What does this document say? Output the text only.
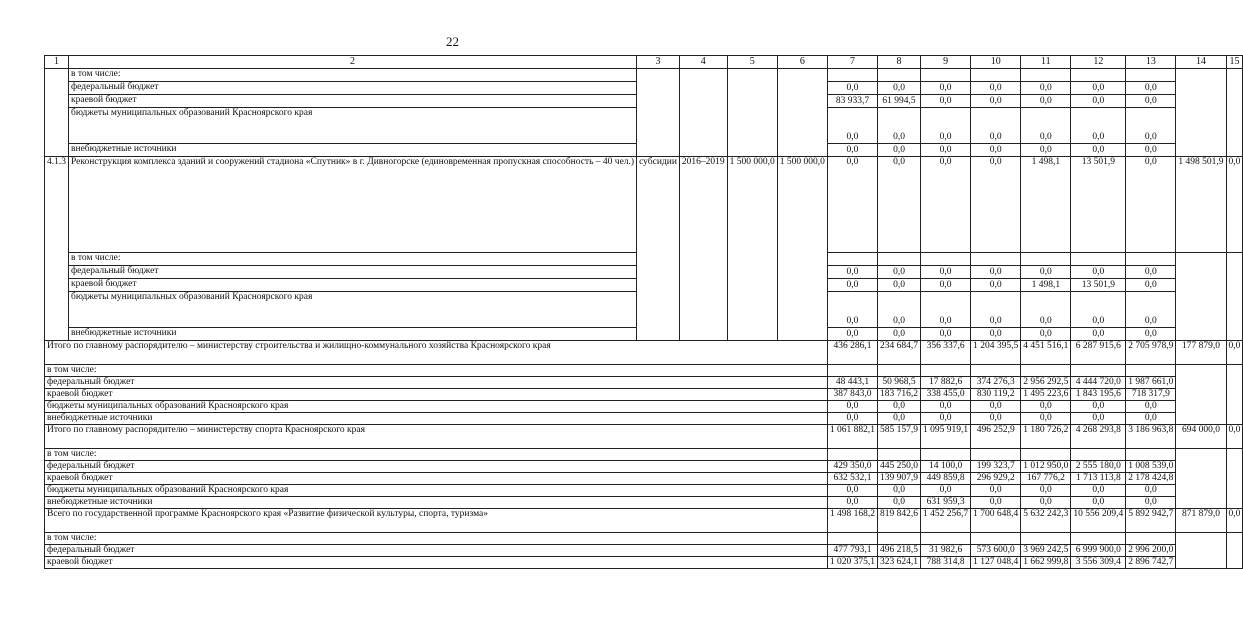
22
1	2	3	4	5	6	7	8	9	10	11	12	13	14	15
	в том числе:													
	федеральный бюджет					0,0	0,0	0,0	0,0	0,0	0,0	0,0		
	краевой бюджет					83 933,7	61 994,5	0,0	0,0	0,0	0,0	0,0		
	бюджеты муниципальных образований Красноярского края					0,0	0,0	0,0	0,0	0,0	0,0	0,0		
	внебюджетные источники					0,0	0,0	0,0	0,0	0,0	0,0	0,0		
4.1.3	Реконструкция комплекса зданий и сооружений стадиона «Спутник» в г. Дивногорске (единовременная пропускная способность – 40 чел.)	субсидии	2016–2019	1 500 000,0	1 500 000,0	0,0	0,0	0,0	0,0	1 498,1	13 501,9	0,0	1 498 501,9	0,0
	в том числе:													
	федеральный бюджет					0,0	0,0	0,0	0,0	0,0	0,0	0,0		
	краевой бюджет					0,0	0,0	0,0	0,0	1 498,1	13 501,9	0,0		
	бюджеты муниципальных образований Красноярского края					0,0	0,0	0,0	0,0	0,0	0,0	0,0		
	внебюджетные источники					0,0	0,0	0,0	0,0	0,0	0,0	0,0		
Итого по главному распорядителю – министерству строительства и жилищно-коммунального хозяйства Красноярского края						436 286,1	234 684,7	356 337,6	1 204 395,5	4 451 516,1	6 287 915,6	2 705 978,9	177 879,0	0,0
в том числе:														
федеральный бюджет						48 443,1	50 968,5	17 882,6	374 276,3	2 956 292,5	4 444 720,0	1 987 661,0		
краевой бюджет						387 843,0	183 716,2	338 455,0	830 119,2	1 495 223,6	1 843 195,6	718 317,9		
бюджеты муниципальных образований Красноярского края						0,0	0,0	0,0	0,0	0,0	0,0	0,0		
внебюджетные источники						0,0	0,0	0,0	0,0	0,0	0,0	0,0		
Итого по главному распорядителю – министерству спорта Красноярского края						1 061 882,1	585 157,9	1 095 919,1	496 252,9	1 180 726,2	4 268 293,8	3 186 963,8	694 000,0	0,0
в том числе:														
федеральный бюджет						429 350,0	445 250,0	14 100,0	199 323,7	1 012 950,0	2 555 180,0	1 008 539,0		
краевой бюджет						632 532,1	139 907,9	449 859,8	296 929,2	167 776,2	1 713 113,8	2 178 424,8		
бюджеты муниципальных образований Красноярского края						0,0	0,0	0,0	0,0	0,0	0,0	0,0		
внебюджетные источники						0,0	0,0	631 959,3	0,0	0,0	0,0	0,0		
Всего по государственной программе Красноярского края «Развитие физической культуры, спорта, туризма»						1 498 168,2	819 842,6	1 452 256,7	1 700 648,4	5 632 242,3	10 556 209,4	5 892 942,7	871 879,0	0,0
в том числе:														
федеральный бюджет						477 793,1	496 218,5	31 982,6	573 600,0	3 969 242,5	6 999 900,0	2 996 200,0		
краевой бюджет						1 020 375,1	323 624,1	788 314,8	1 127 048,4	1 662 999,8	3 556 309,4	2 896 742,7		
